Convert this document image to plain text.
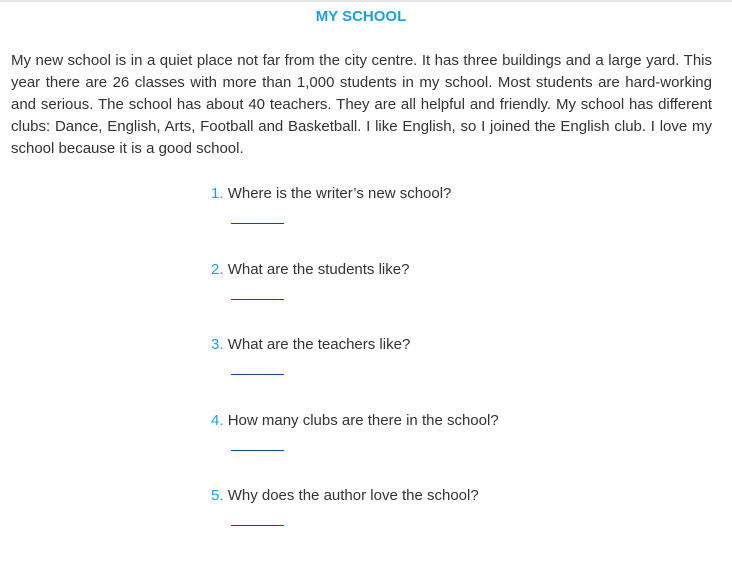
MY SCHOOL

My new school is in a quiet place not far from the city centre. It has three buildings and a large yard. This year there are 26 classes with more than 1,000 students in my school. Most students are hard-working and serious. The school has about 40 teachers. They are all helpful and friendly. My school has different clubs: Dance, English, Arts, Football and Basketball. I like English, so I joined the English club. I love my school because it is a good school.

1. Where is the writer’s new school?
2. What are the students like?
3. What are the teachers like?
4. How many clubs are there in the school?
5. Why does the author love the school?
